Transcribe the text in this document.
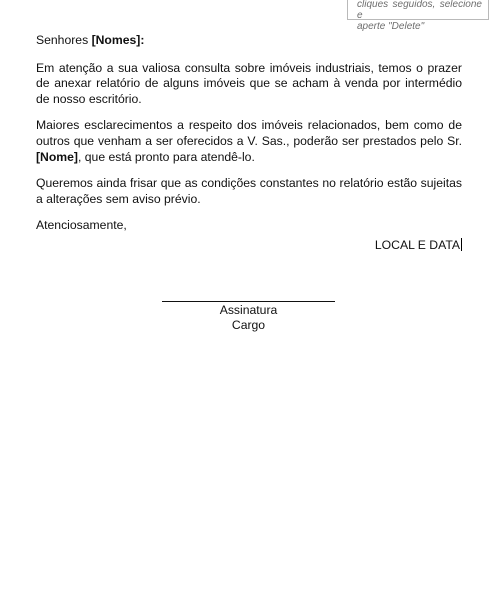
cliques seguidos, selecione e
aperte "Delete"

Senhores [Nomes]:

Em atenção a sua valiosa consulta sobre imóveis industriais, temos o prazer de anexar relatório de alguns imóveis que se acham à venda por intermédio de nosso escritório.

Maiores esclarecimentos a respeito dos imóveis relacionados, bem como de outros que venham a ser oferecidos a V. Sas., poderão ser prestados pelo Sr. [Nome], que está pronto para atendê-lo.

Queremos ainda frisar que as condições constantes no relatório estão sujeitas a alterações sem aviso prévio.

Atenciosamente,

LOCAL E DATA
Assinatura
Cargo
